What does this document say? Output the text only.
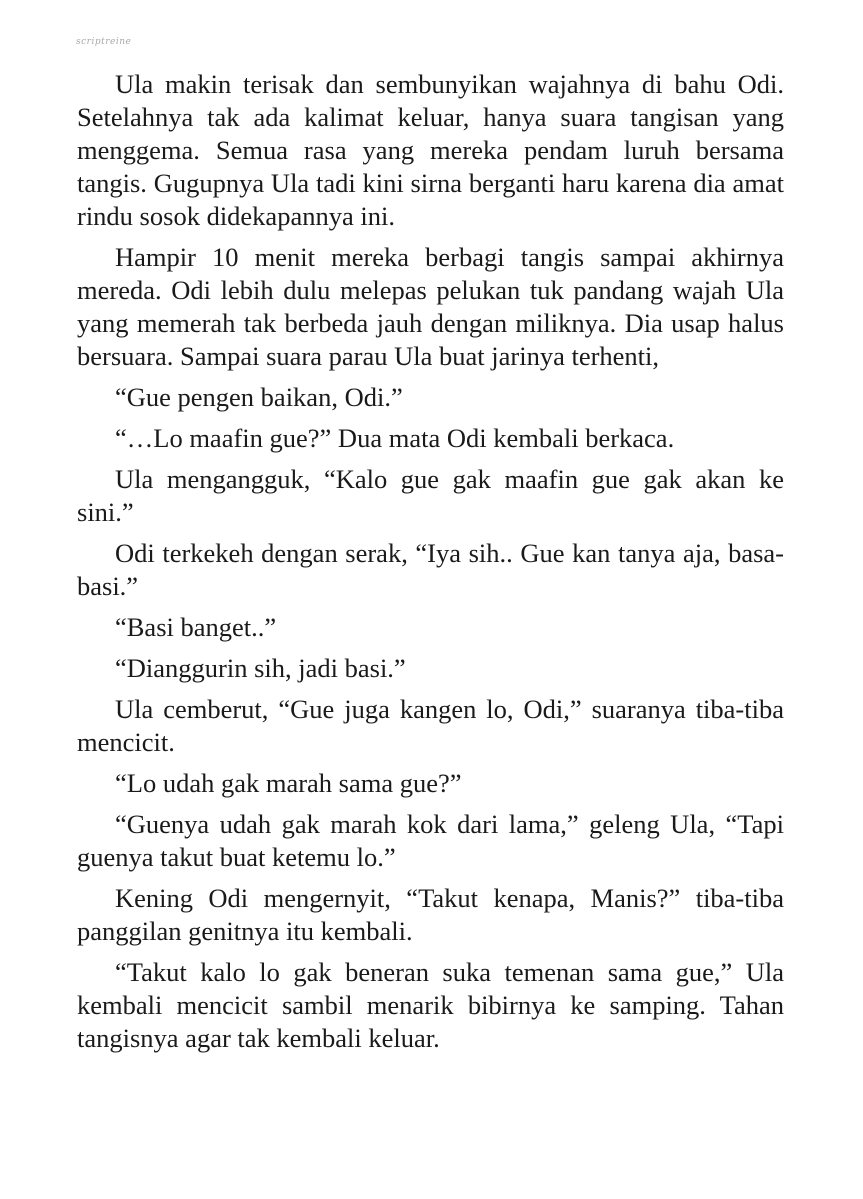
scriptreine

Ula makin terisak dan sembunyikan wajahnya di bahu Odi. Setelahnya tak ada kalimat keluar, hanya suara tangisan yang menggema. Semua rasa yang mereka pendam luruh bersama tangis. Gugupnya Ula tadi kini sirna berganti haru karena dia amat rindu sosok didekapannya ini.

Hampir 10 menit mereka berbagi tangis sampai akhirnya mereda. Odi lebih dulu melepas pelukan tuk pandang wajah Ula yang memerah tak berbeda jauh dengan miliknya. Dia usap halus bersuara. Sampai suara parau Ula buat jarinya terhenti,

“Gue pengen baikan, Odi.”

“…Lo maafin gue?” Dua mata Odi kembali berkaca.

Ula mengangguk, “Kalo gue gak maafin gue gak akan ke sini.”

Odi terkekeh dengan serak, “Iya sih.. Gue kan tanya aja, basa-basi.”

“Basi banget..”

“Dianggurin sih, jadi basi.”

Ula cemberut, “Gue juga kangen lo, Odi,” suaranya tiba-tiba mencicit.

“Lo udah gak marah sama gue?”

“Guenya udah gak marah kok dari lama,” geleng Ula, “Tapi guenya takut buat ketemu lo.”

Kening Odi mengernyit, “Takut kenapa, Manis?” tiba-tiba panggilan genitnya itu kembali.

“Takut kalo lo gak beneran suka temenan sama gue,” Ula kembali mencicit sambil menarik bibirnya ke samping. Tahan tangisnya agar tak kembali keluar.
